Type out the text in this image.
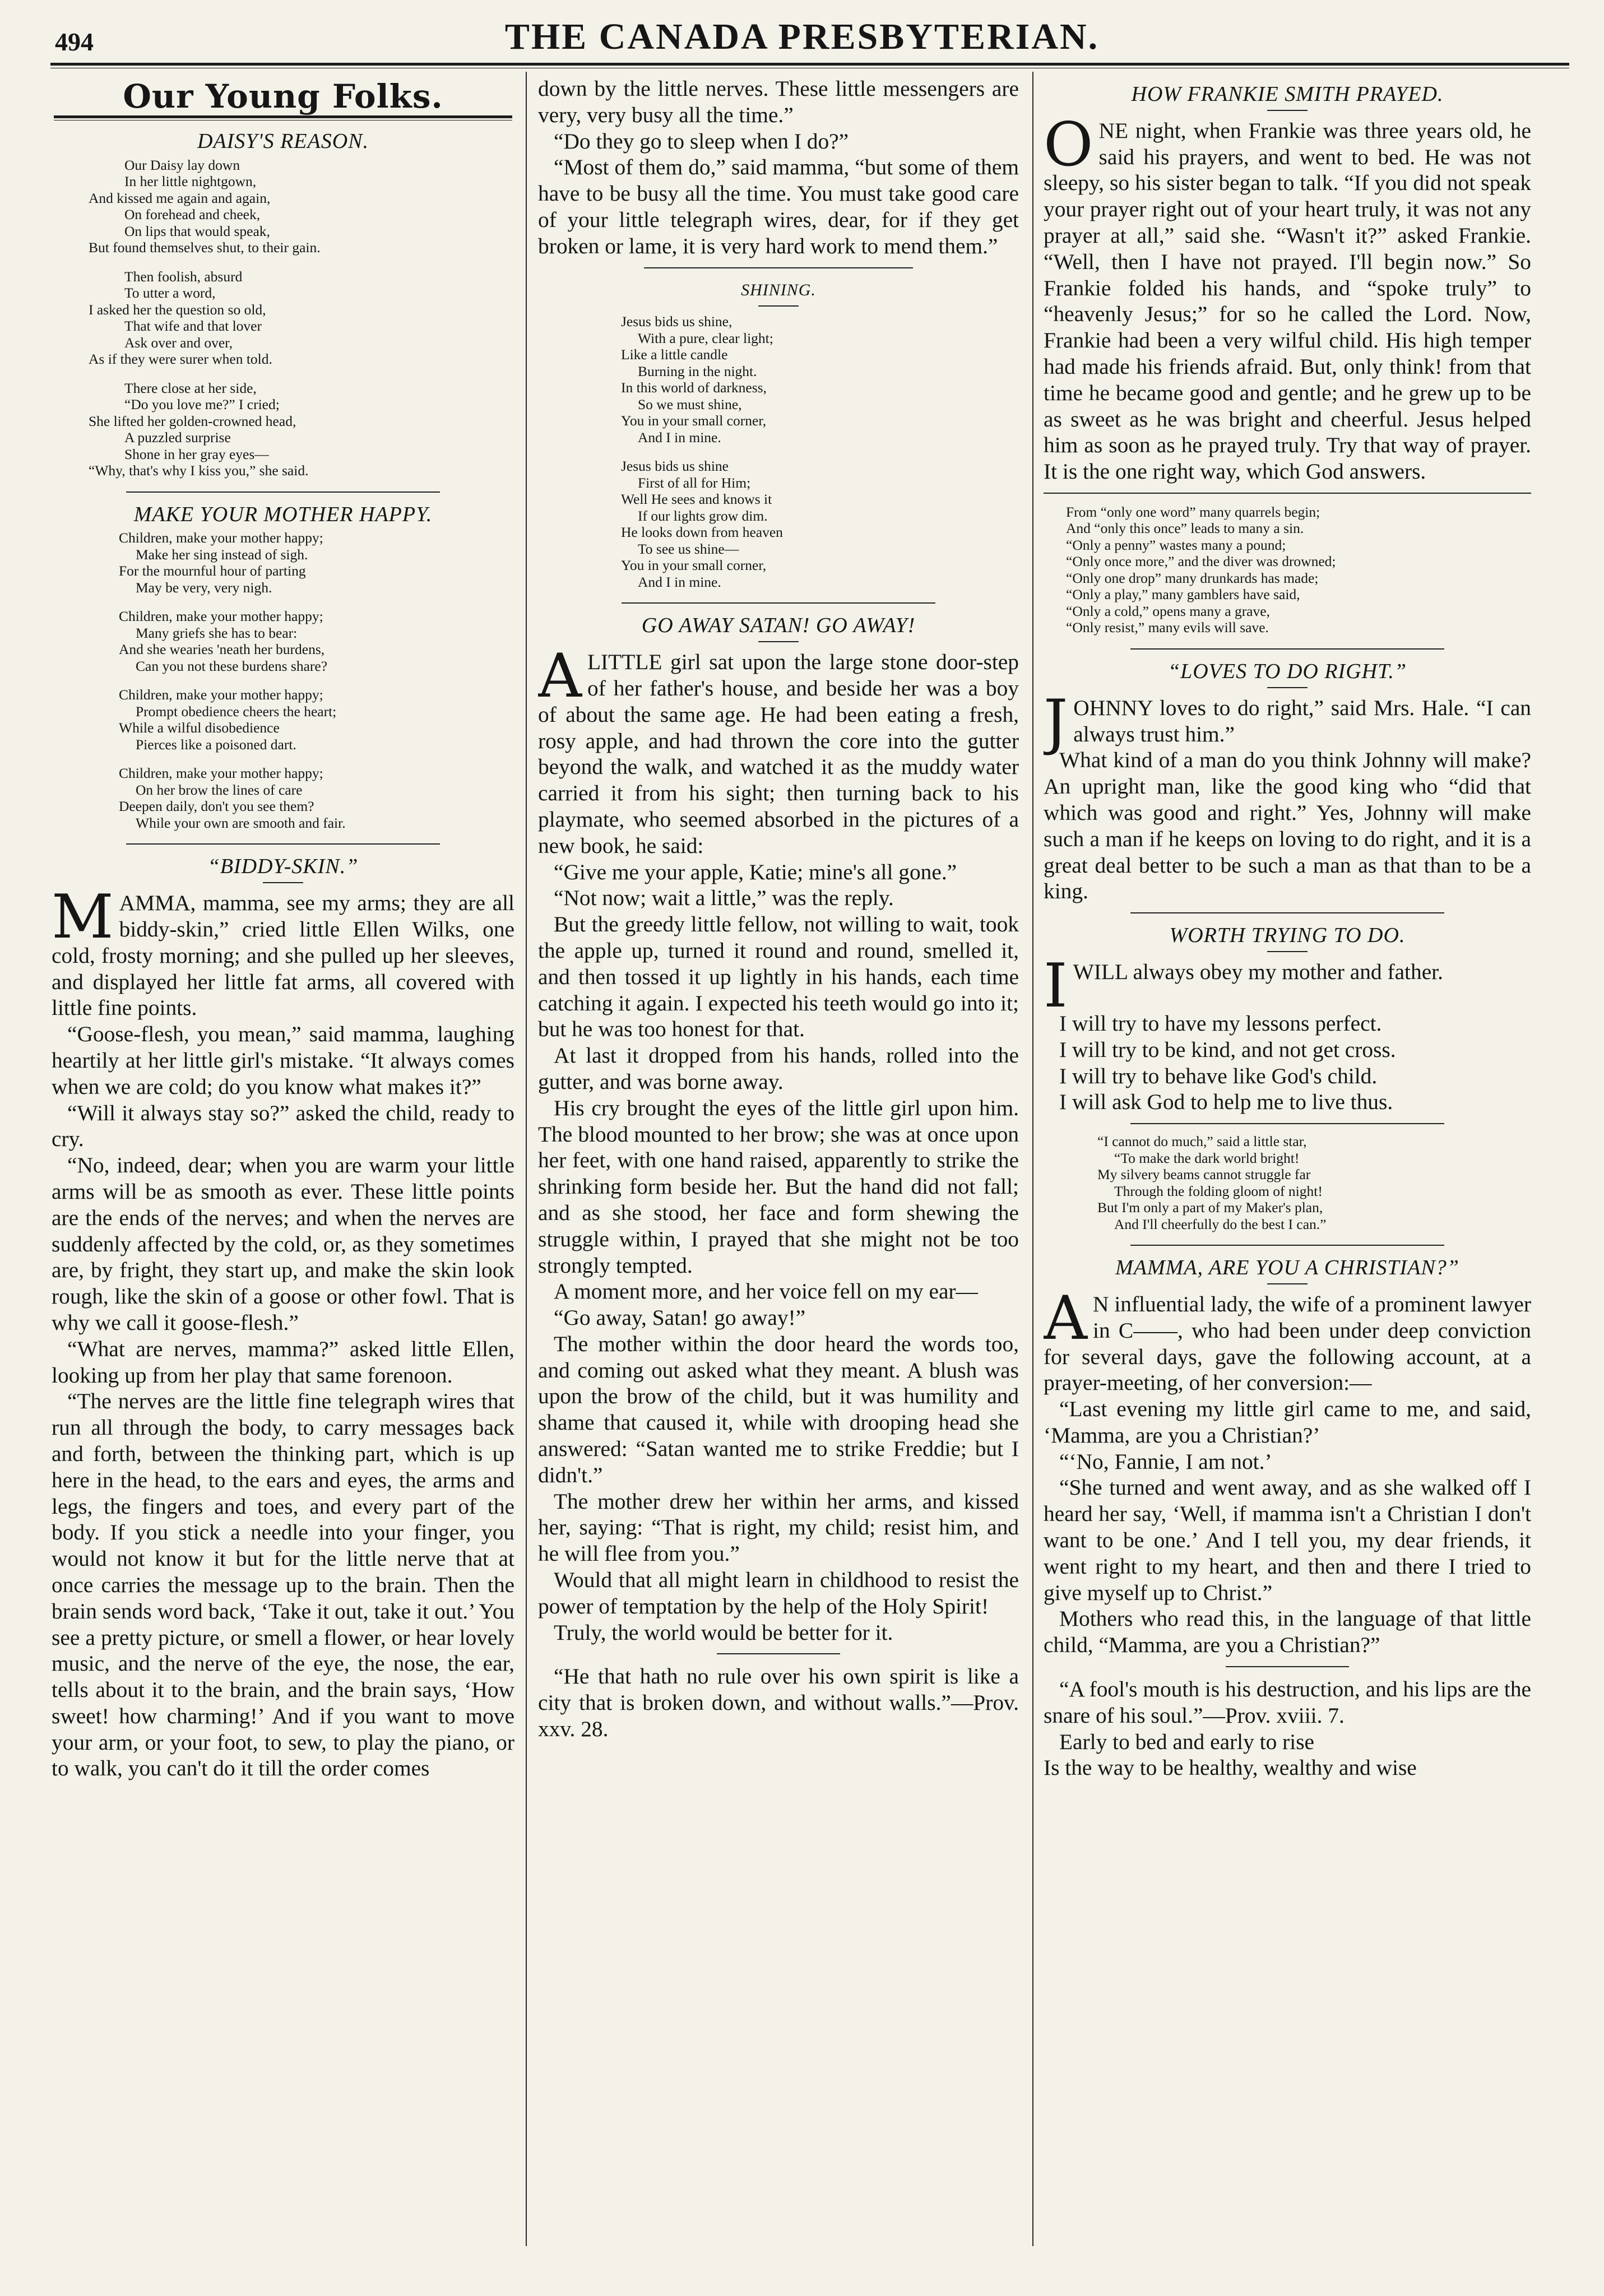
494	THE CANADA PRESBYTERIAN.
Our Young Folks.
DAISY'S REASON.
Our Daisy lay down
In her little nightgown,
And kissed me again and again,
On forehead and cheek,
On lips that would speak,
But found themselves shut, to their gain.
Then foolish, absurd
To utter a word,
I asked her the question so old,
That wife and that lover
Ask over and over,
As if they were surer when told.
There close at her side,
“Do you love me?” I cried;
She lifted her golden-crowned head,
A puzzled surprise
Shone in her gray eyes—
“Why, that's why I kiss you,” she said.
MAKE YOUR MOTHER HAPPY.
Children, make your mother happy;
Make her sing instead of sigh.
For the mournful hour of parting
May be very, very nigh.
Children, make your mother happy;
Many griefs she has to bear:
And she wearies 'neath her burdens,
Can you not these burdens share?
Children, make your mother happy;
Prompt obedience cheers the heart;
While a wilful disobedience
Pierces like a poisoned dart.
Children, make your mother happy;
On her brow the lines of care
Deepen daily, don't you see them?
While your own are smooth and fair.
“BIDDY-SKIN.”
MAMMA, mamma, see my arms; they are all biddy-skin,” cried little Ellen Wilks, one cold, frosty morning; and she pulled up her sleeves, and displayed her little fat arms, all covered with little fine points.
“Goose-flesh, you mean,” said mamma, laughing heartily at her little girl's mistake. “It always comes when we are cold; do you know what makes it?”
“Will it always stay so?” asked the child, ready to cry.
“No, indeed, dear; when you are warm your little arms will be as smooth as ever. These little points are the ends of the nerves; and when the nerves are suddenly affected by the cold, or, as they sometimes are, by fright, they start up, and make the skin look rough, like the skin of a goose or other fowl. That is why we call it goose-flesh.”
“What are nerves, mamma?” asked little Ellen, looking up from her play that same forenoon.
“The nerves are the little fine telegraph wires that run all through the body, to carry messages back and forth, between the thinking part, which is up here in the head, to the ears and eyes, the arms and legs, the fingers and toes, and every part of the body. If you stick a needle into your finger, you would not know it but for the little nerve that at once carries the message up to the brain. Then the brain sends word back, ‘Take it out, take it out.’ You see a pretty picture, or smell a flower, or hear lovely music, and the nerve of the eye, the nose, the ear, tells about it to the brain, and the brain says, ‘How sweet! how charming!’ And if you want to move your arm, or your foot, to sew, to play the piano, or to walk, you can't do it till the order comes
down by the little nerves. These little messengers are very, very busy all the time.”
“Do they go to sleep when I do?”
“Most of them do,” said mamma, “but some of them have to be busy all the time. You must take good care of your little telegraph wires, dear, for if they get broken or lame, it is very hard work to mend them.”
SHINING.
Jesus bids us shine,
With a pure, clear light;
Like a little candle
Burning in the night.
In this world of darkness,
So we must shine,
You in your small corner,
And I in mine.
Jesus bids us shine
First of all for Him;
Well He sees and knows it
If our lights grow dim.
He looks down from heaven
To see us shine—
You in your small corner,
And I in mine.
GO AWAY SATAN! GO AWAY!
ALITTLE girl sat upon the large stone door-step of her father's house, and beside her was a boy of about the same age. He had been eating a fresh, rosy apple, and had thrown the core into the gutter beyond the walk, and watched it as the muddy water carried it from his sight; then turning back to his playmate, who seemed absorbed in the pictures of a new book, he said:
“Give me your apple, Katie; mine's all gone.”
“Not now; wait a little,” was the reply.
But the greedy little fellow, not willing to wait, took the apple up, turned it round and round, smelled it, and then tossed it up lightly in his hands, each time catching it again. I expected his teeth would go into it; but he was too honest for that.
At last it dropped from his hands, rolled into the gutter, and was borne away.
His cry brought the eyes of the little girl upon him. The blood mounted to her brow; she was at once upon her feet, with one hand raised, apparently to strike the shrinking form beside her. But the hand did not fall; and as she stood, her face and form shewing the struggle within, I prayed that she might not be too strongly tempted.
A moment more, and her voice fell on my ear—
“Go away, Satan! go away!”
The mother within the door heard the words too, and coming out asked what they meant. A blush was upon the brow of the child, but it was humility and shame that caused it, while with drooping head she answered: “Satan wanted me to strike Freddie; but I didn't.”
The mother drew her within her arms, and kissed her, saying: “That is right, my child; resist him, and he will flee from you.”
Would that all might learn in childhood to resist the power of temptation by the help of the Holy Spirit!
Truly, the world would be better for it.
“He that hath no rule over his own spirit is like a city that is broken down, and without walls.”—Prov. xxv. 28.
HOW FRANKIE SMITH PRAYED.
ONE night, when Frankie was three years old, he said his prayers, and went to bed. He was not sleepy, so his sister began to talk. “If you did not speak your prayer right out of your heart truly, it was not any prayer at all,” said she. “Wasn't it?” asked Frankie. “Well, then I have not prayed. I'll begin now.” So Frankie folded his hands, and “spoke truly” to “heavenly Jesus;” for so he called the Lord. Now, Frankie had been a very wilful child. His high temper had made his friends afraid. But, only think! from that time he became good and gentle; and he grew up to be as sweet as he was bright and cheerful. Jesus helped him as soon as he prayed truly. Try that way of prayer. It is the one right way, which God answers.
From “only one word” many quarrels begin;
And “only this once” leads to many a sin.
“Only a penny” wastes many a pound;
“Only once more,” and the diver was drowned;
“Only one drop” many drunkards has made;
“Only a play,” many gamblers have said,
“Only a cold,” opens many a grave,
“Only resist,” many evils will save.
“LOVES TO DO RIGHT.”
JOHNNY loves to do right,” said Mrs. Hale. “I can always trust him.”
What kind of a man do you think Johnny will make? An upright man, like the good king who “did that which was good and right.” Yes, Johnny will make such a man if he keeps on loving to do right, and it is a great deal better to be such a man as that than to be a king.
WORTH TRYING TO DO.
IWILL always obey my mother and father.
I will try to have my lessons perfect.
I will try to be kind, and not get cross.
I will try to behave like God's child.
I will ask God to help me to live thus.
“I cannot do much,” said a little star,
“To make the dark world bright!
My silvery beams cannot struggle far
Through the folding gloom of night!
But I'm only a part of my Maker's plan,
And I'll cheerfully do the best I can.”
MAMMA, ARE YOU A CHRISTIAN?”
A N influential lady, the wife of a prominent lawyer in C——, who had been under deep conviction for several days, gave the following account, at a prayer-meeting, of her conversion:—
“Last evening my little girl came to me, and said, ‘Mamma, are you a Christian?’
“‘No, Fannie, I am not.’
“She turned and went away, and as she walked off I heard her say, ‘Well, if mamma isn't a Christian I don't want to be one.’ And I tell you, my dear friends, it went right to my heart, and then and there I tried to give myself up to Christ.”
Mothers who read this, in the language of that little child, “Mamma, are you a Christian?”
“A fool's mouth is his destruction, and his lips are the snare of his soul.”—Prov. xviii. 7.
Early to bed and early to rise
Is the way to be healthy, wealthy and wise
